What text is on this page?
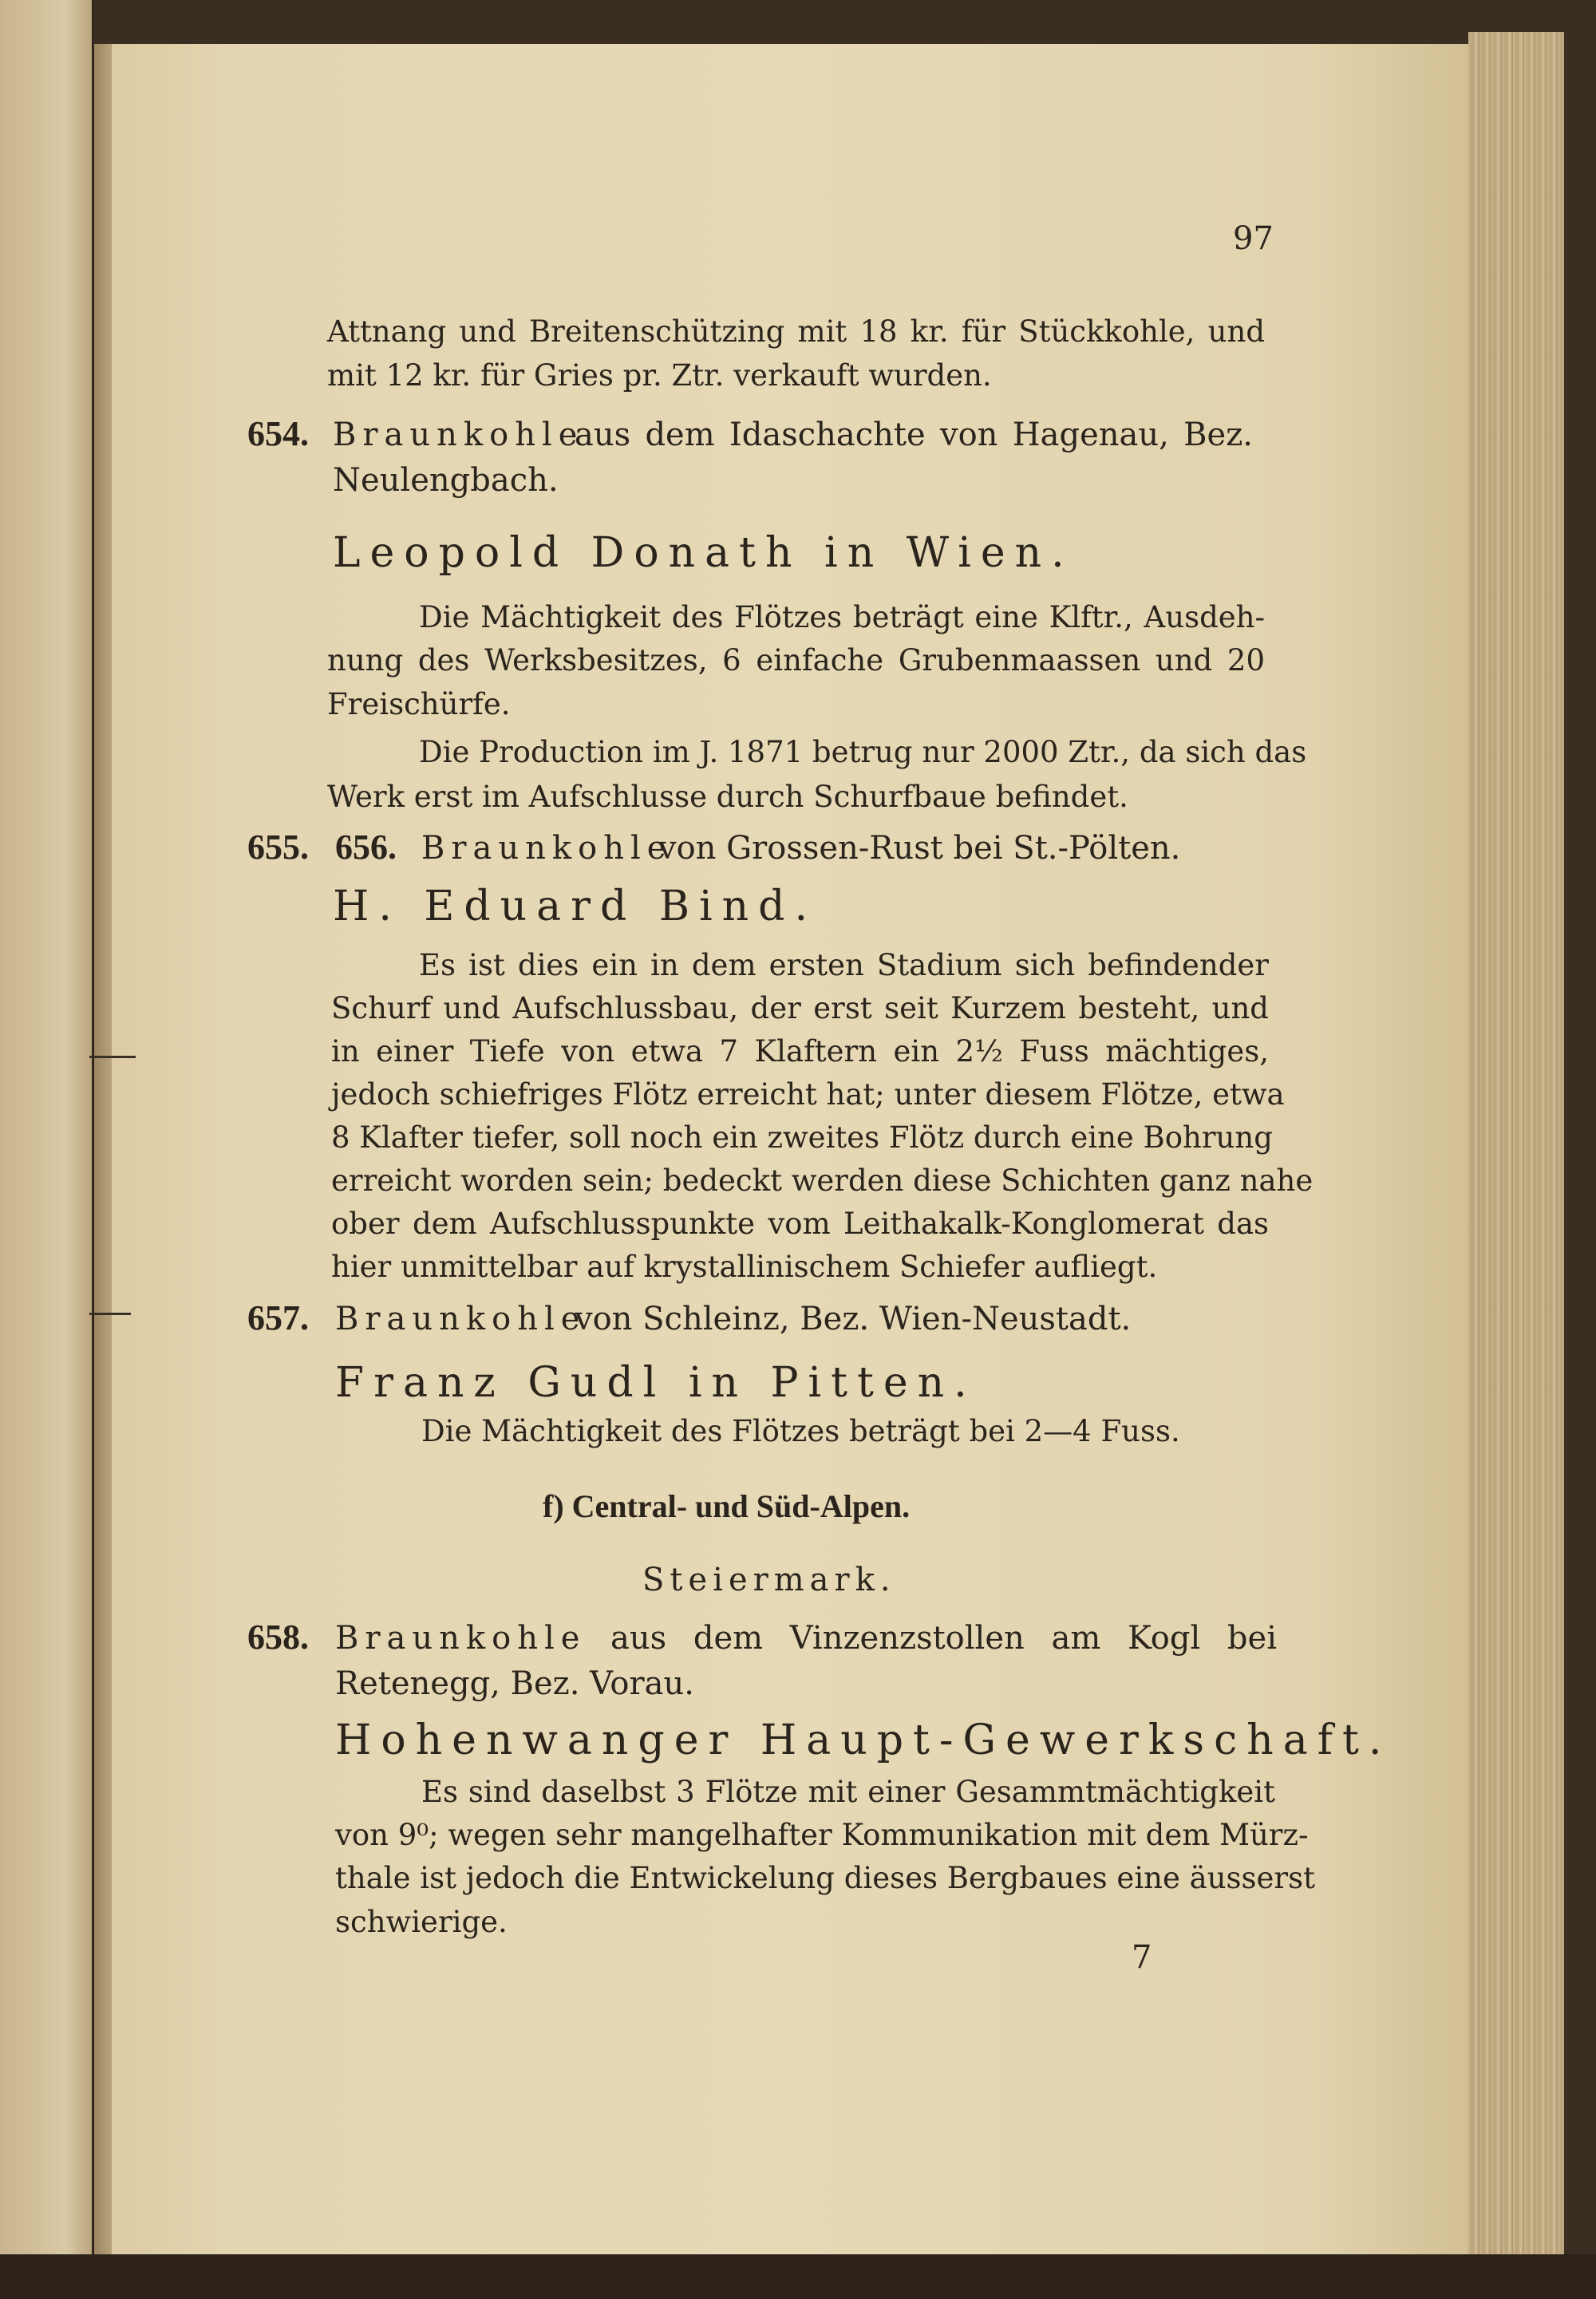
97

Attnang und Breitenschützing mit 18 kr. für Stückkohle, und

mit 12 kr. für Gries pr. Ztr. verkauft wurden.

654. Braunkohle

aus dem Idaschachte von Hagenau, Bez.

Neulengbach.

Leopold Donath in Wien.

Die Mächtigkeit des Flötzes beträgt eine Klftr., Ausdeh-

nung des Werksbesitzes, 6 einfache Grubenmaassen und 20

Freischürfe.

Die Production im J. 1871 betrug nur 2000 Ztr., da sich das

Werk erst im Aufschlusse durch Schurfbaue befindet.

655. 656. Braunkohle

von Grossen-Rust bei St.-Pölten.

H. Eduard Bind.

Es ist dies ein in dem ersten Stadium sich befindender

Schurf und Aufschlussbau, der erst seit Kurzem besteht, und

in einer Tiefe von etwa 7 Klaftern ein 2½ Fuss mächtiges,

jedoch schiefriges Flötz erreicht hat; unter diesem Flötze, etwa

8 Klafter tiefer, soll noch ein zweites Flötz durch eine Bohrung

erreicht worden sein; bedeckt werden diese Schichten ganz nahe

ober dem Aufschlusspunkte vom Leithakalk-Konglomerat das

hier unmittelbar auf krystallinischem Schiefer aufliegt.

657. Braunkohle

von Schleinz, Bez. Wien-Neustadt.

Franz Gudl in Pitten.

Die Mächtigkeit des Flötzes beträgt bei 2—4 Fuss.

f) Central- und Süd-Alpen.

Steiermark.

658. Braunkohle aus dem Vinzenzstollen am Kogl bei

Retenegg, Bez. Vorau.

Hohenwanger Haupt-Gewerkschaft.

Es sind daselbst 3 Flötze mit einer Gesammtmächtigkeit

von 9⁰; wegen sehr mangelhafter Kommunikation mit dem Mürz-

thale ist jedoch die Entwickelung dieses Bergbaues eine äusserst

schwierige.

7
